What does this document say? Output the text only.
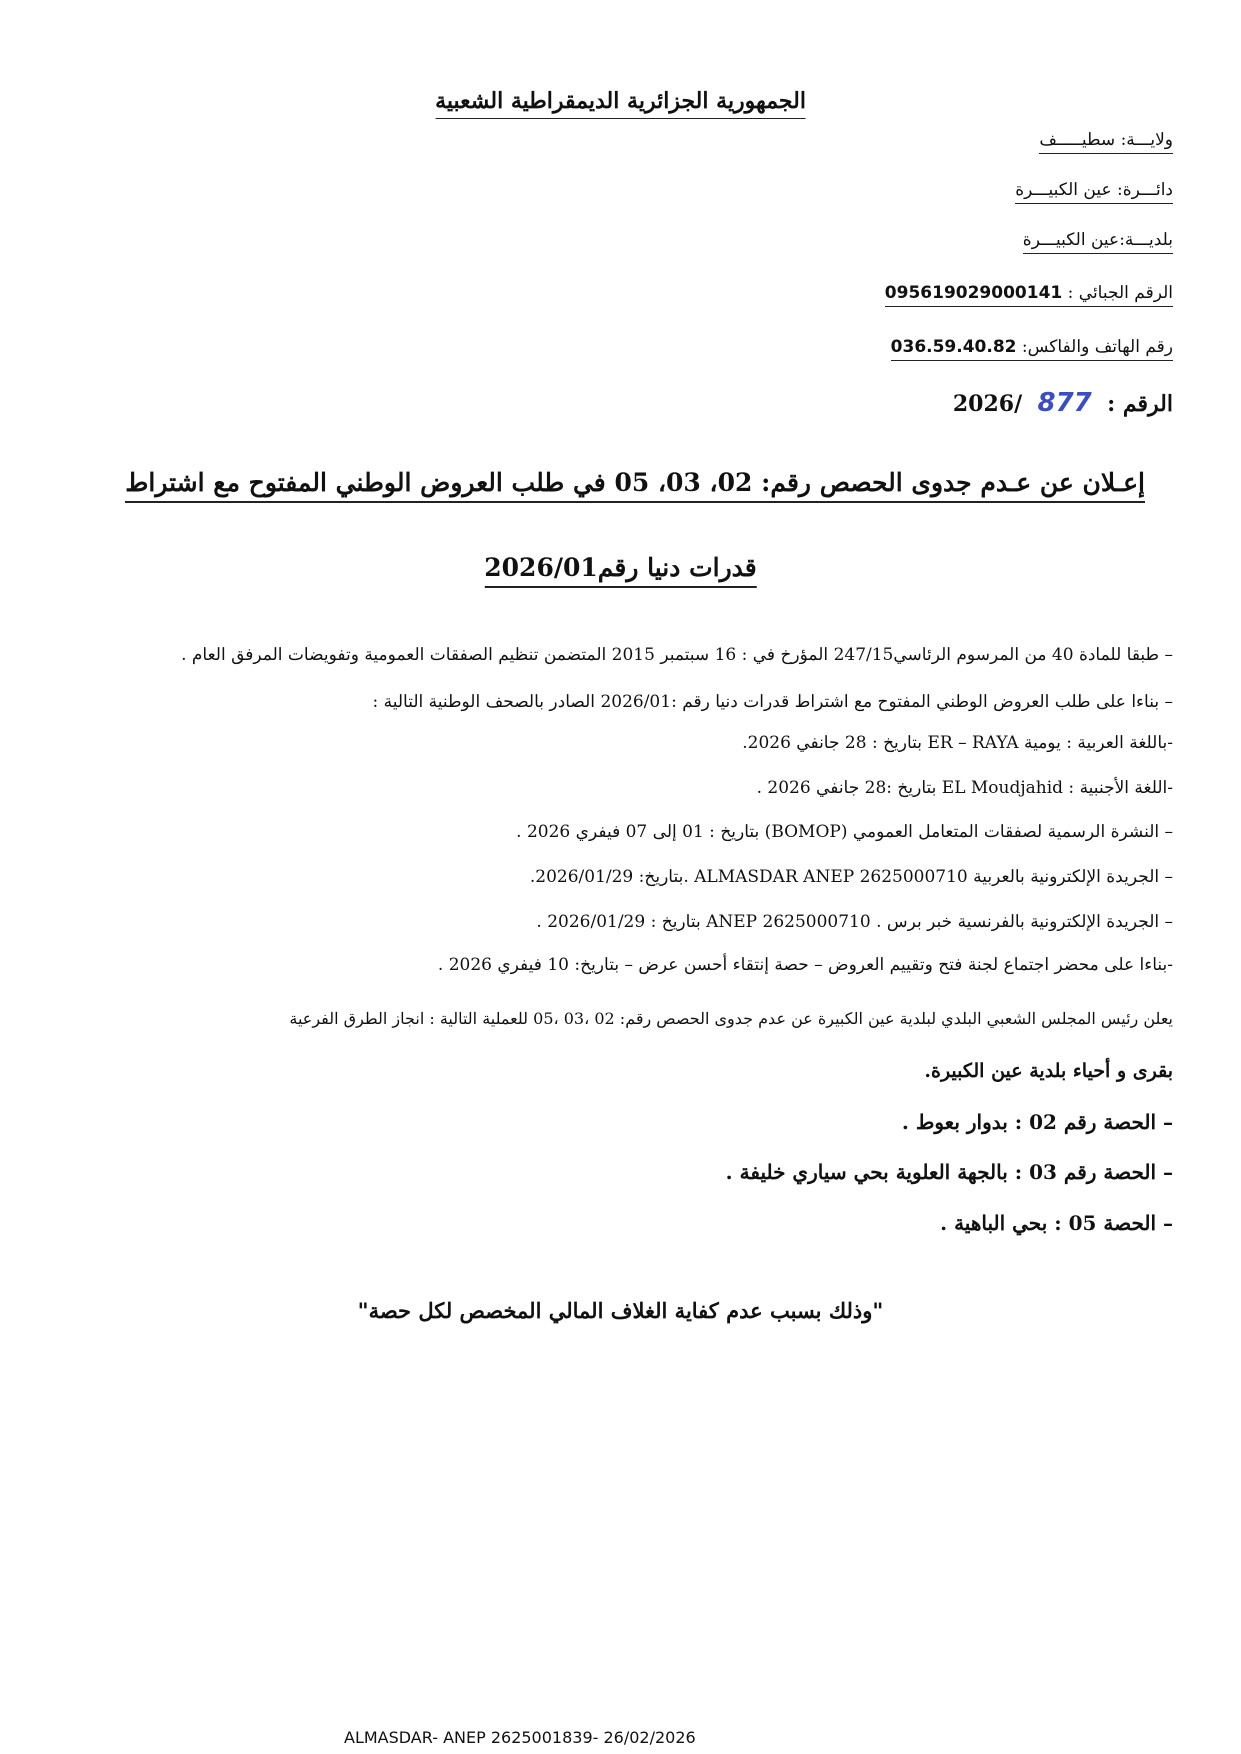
الجمهورية الجزائرية الديمقراطية الشعبية
ولايـــة: سطيـــــف
دائـــرة: عين الكبيـــرة
بلديـــة:عين الكبيـــرة
الرقم الجبائي : 095619029000141
رقم الهاتف والفاكس: 036.59.40.82
الرقم :  877  /2026
إعـلان عن عـدم جدوى الحصص رقم: 02، 03، 05 في طلب العروض الوطني المفتوح مع اشتراط
قدرات دنيا رقم2026/01
– طبقا للمادة 40 من المرسوم الرئاسي247/15 المؤرخ في : 16 سبتمبر 2015 المتضمن تنظيم الصفقات العمومية وتفويضات المرفق العام .
– بناءا على طلب العروض الوطني المفتوح مع اشتراط قدرات دنيا رقم :2026/01 الصادر بالصحف الوطنية التالية :
-باللغة العربية : يومية ER – RAYA بتاريخ : 28 جانفي 2026.
-اللغة الأجنبية : EL Moudjahid بتاريخ :28 جانفي 2026 .
– النشرة الرسمية لصفقات المتعامل العمومي (BOMOP) بتاريخ : 01 إلى 07 فيفري 2026 .
– الجريدة الإلكترونية بالعربية ALMASDAR ANEP 2625000710 .بتاريخ: 2026/01/29.
– الجريدة الإلكترونية بالفرنسية خبر برس . ANEP 2625000710 بتاريخ : 2026/01/29 .
-بناءا على محضر اجتماع لجنة فتح وتقييم العروض – حصة إنتقاء أحسن عرض – بتاريخ: 10 فيفري 2026 .
يعلن رئيس المجلس الشعبي البلدي لبلدية عين الكبيرة عن عدم جدوى الحصص رقم: 02 ،03 ،05 للعملية التالية : انجاز الطرق الفرعية
بقرى و أحياء بلدية عين الكبيرة.
– الحصة رقم 02 : بدوار بعوط .
– الحصة رقم 03 : بالجهة العلوية بحي سياري خليفة .
– الحصة 05 : بحي الباهية .
"وذلك بسبب عدم كفاية الغلاف المالي المخصص لكل حصة"
ALMASDAR- ANEP 2625001839- 26/02/2026
